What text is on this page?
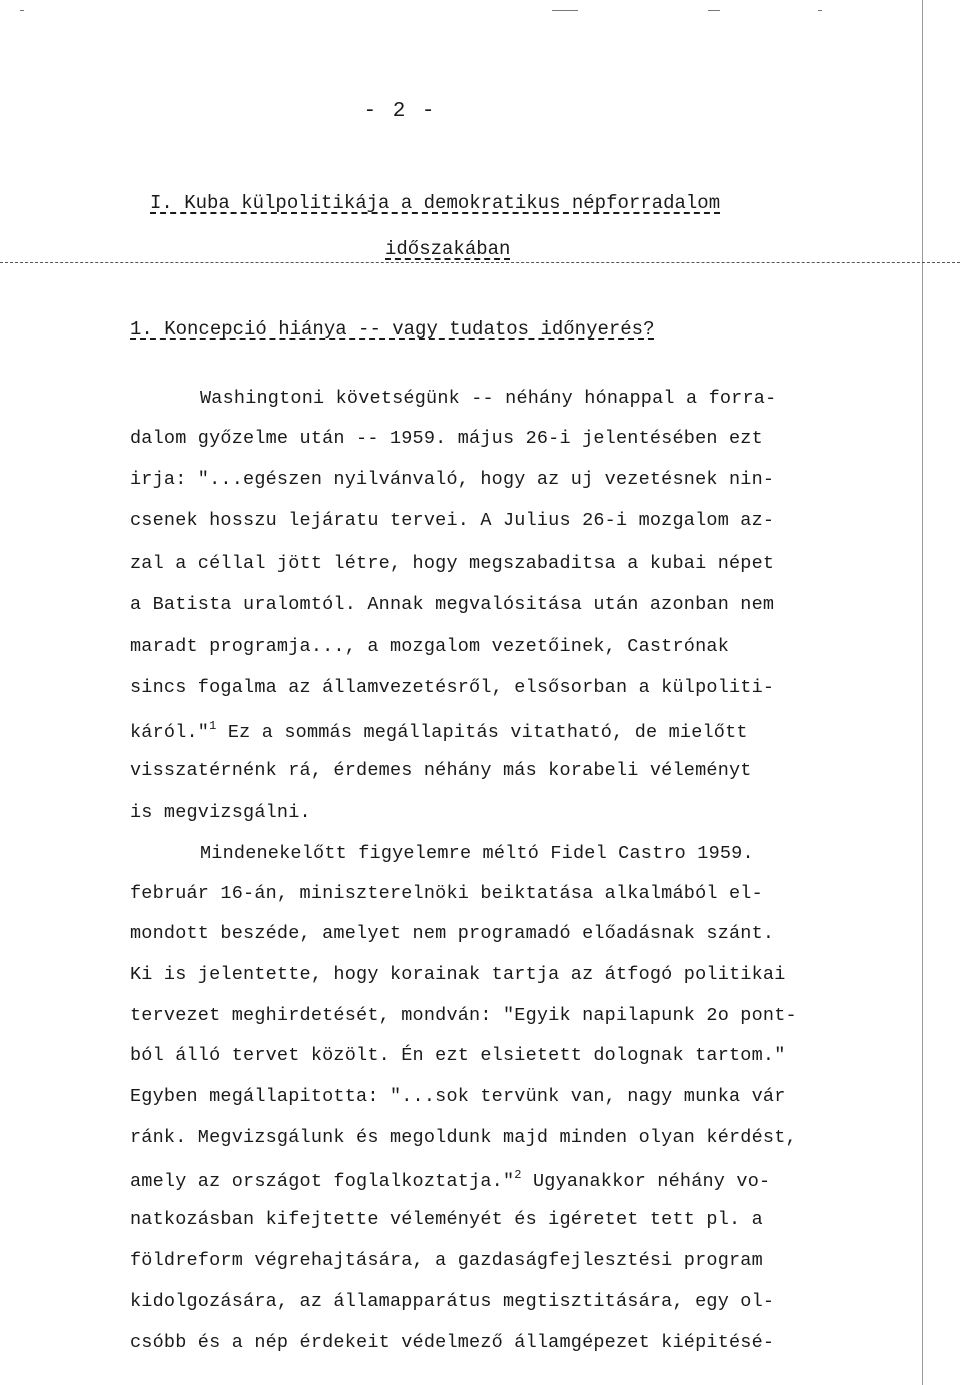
- 2 -
I. Kuba külpolitikája a demokratikus népforradalom
időszakában
1. Koncepció hiánya -- vagy tudatos időnyerés?
Washingtoni követségünk -- néhány hónappal a forra-
dalom győzelme után -- 1959. május 26-i jelentésében ezt
irja: "...egészen nyilvánvaló, hogy az uj vezetésnek nin-
csenek hosszu lejáratu tervei. A Julius 26-i mozgalom az-
zal a céllal jött létre, hogy megszabaditsa a kubai népet
a Batista uralomtól. Annak megvalósitása után azonban nem
maradt programja..., a mozgalom vezetőinek, Castrónak
sincs fogalma az államvezetésről, elsősorban a külpoliti-
káról."$^1$ Ez a sommás megállapitás vitatható, de mielőtt
visszatérnénk rá, érdemes néhány más korabeli véleményt
is megvizsgálni.
Mindenekelőtt figyelemre méltó Fidel Castro 1959.
február 16-án, miniszterelnöki beiktatása alkalmából el-
mondott beszéde, amelyet nem programadó előadásnak szánt.
Ki is jelentette, hogy korainak tartja az átfogó politikai
tervezet meghirdetését, mondván: "Egyik napilapunk 2o pont-
ból álló tervet közölt. Én ezt elsietett dolognak tartom."
Egyben megállapitotta: "...sok tervünk van, nagy munka vár
ránk. Megvizsgálunk és megoldunk majd minden olyan kérdést,
amely az országot foglalkoztatja."$^2$ Ugyanakkor néhány vo-
natkozásban kifejtette véleményét és igéretet tett pl. a
földreform végrehajtására, a gazdaságfejlesztési program
kidolgozására, az államapparátus megtisztitására, egy ol-
csóbb és a nép érdekeit védelmező államgépezet kiépitésé-
